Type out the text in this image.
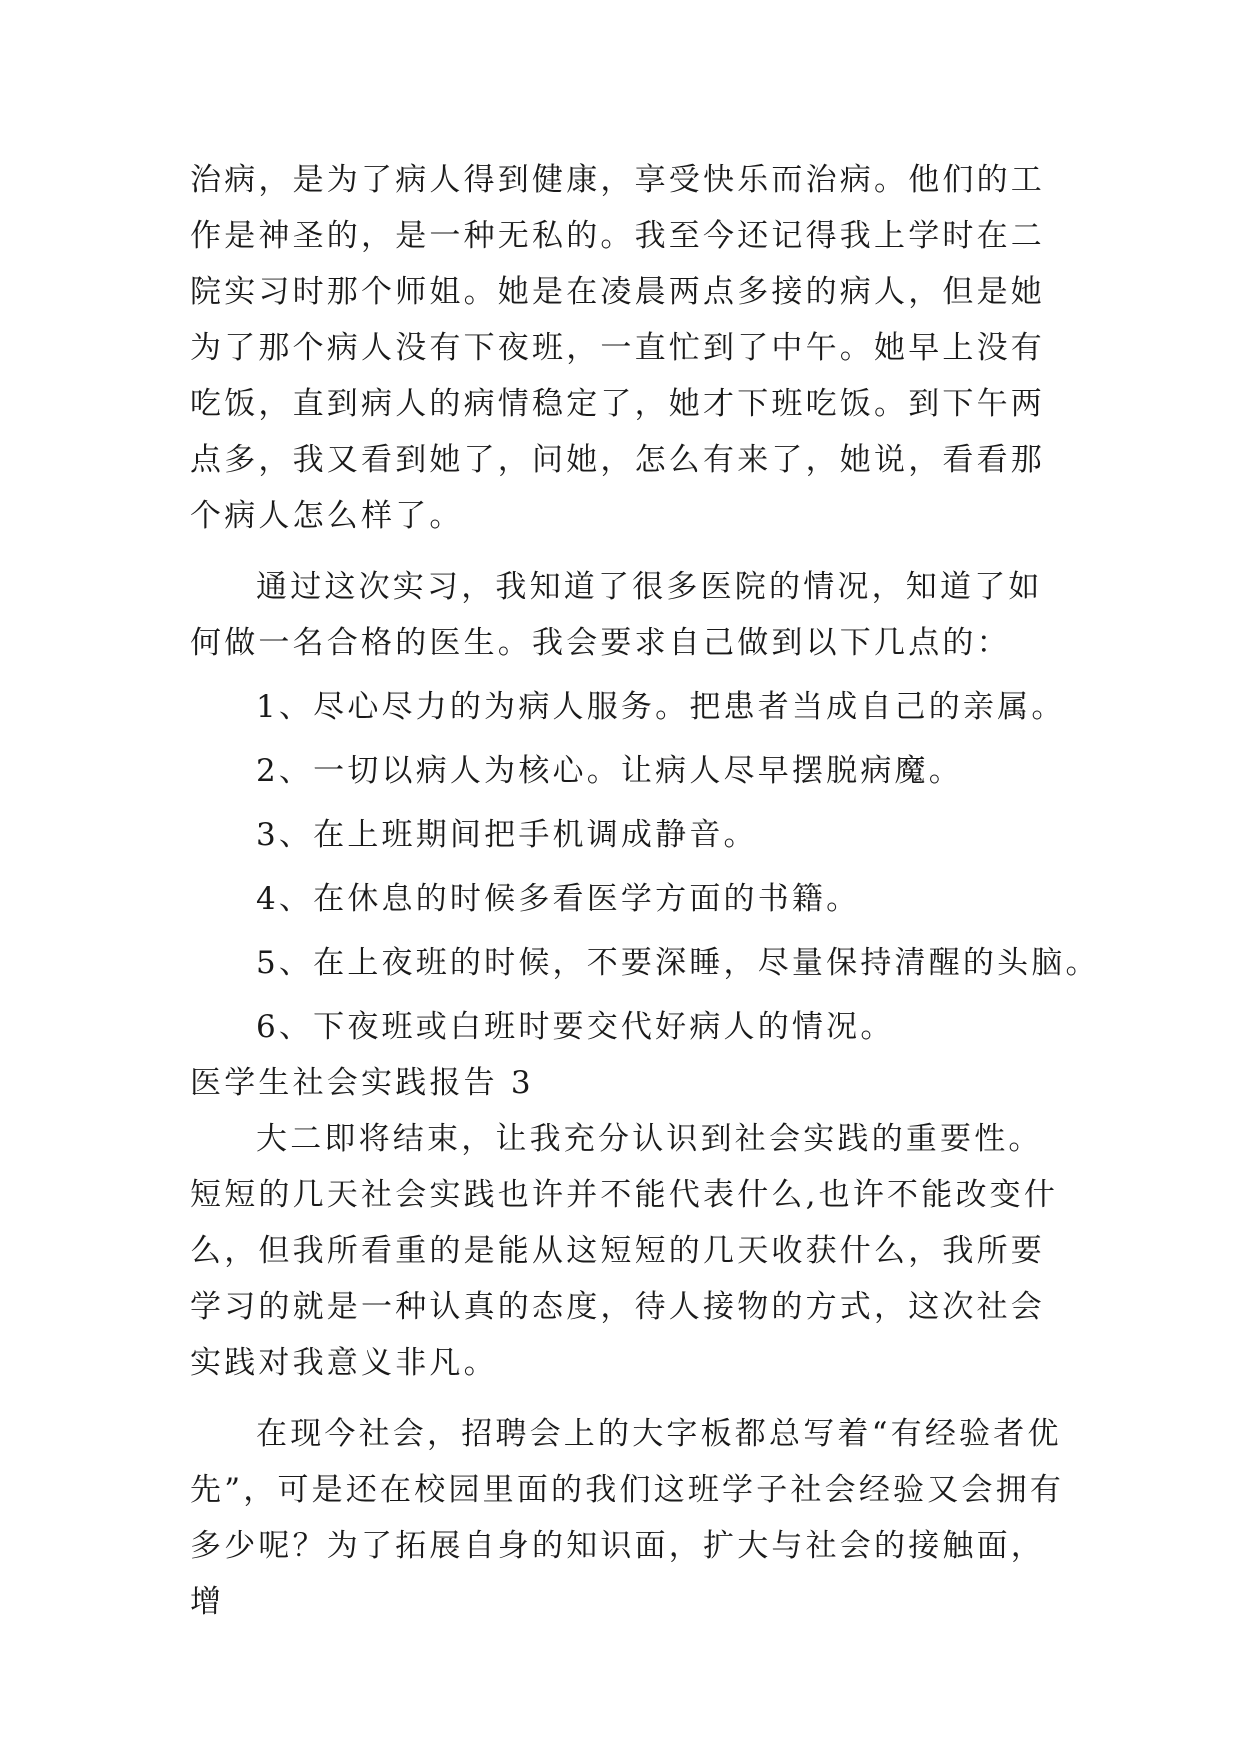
治病，是为了病人得到健康，享受快乐而治病。他们的工作是神圣的，是一种无私的。我至今还记得我上学时在二院实习时那个师姐。她是在凌晨两点多接的病人，但是她为了那个病人没有下夜班，一直忙到了中午。她早上没有吃饭，直到病人的病情稳定了，她才下班吃饭。到下午两点多，我又看到她了，问她，怎么有来了，她说，看看那个病人怎么样了。

通过这次实习，我知道了很多医院的情况，知道了如何做一名合格的医生。我会要求自己做到以下几点的：

1、尽心尽力的为病人服务。把患者当成自己的亲属。

2、一切以病人为核心。让病人尽早摆脱病魔。

3、在上班期间把手机调成静音。

4、在休息的时候多看医学方面的书籍。

5、在上夜班的时候，不要深睡，尽量保持清醒的头脑。

6、下夜班或白班时要交代好病人的情况。

医学生社会实践报告 3

大二即将结束，让我充分认识到社会实践的重要性。短短的几天社会实践也许并不能代表什么,也许不能改变什么，但我所看重的是能从这短短的几天收获什么，我所要学习的就是一种认真的态度，待人接物的方式，这次社会实践对我意义非凡。

在现今社会，招聘会上的大字板都总写着“有经验者优先”，可是还在校园里面的我们这班学子社会经验又会拥有多少呢？为了拓展自身的知识面，扩大与社会的接触面，增
